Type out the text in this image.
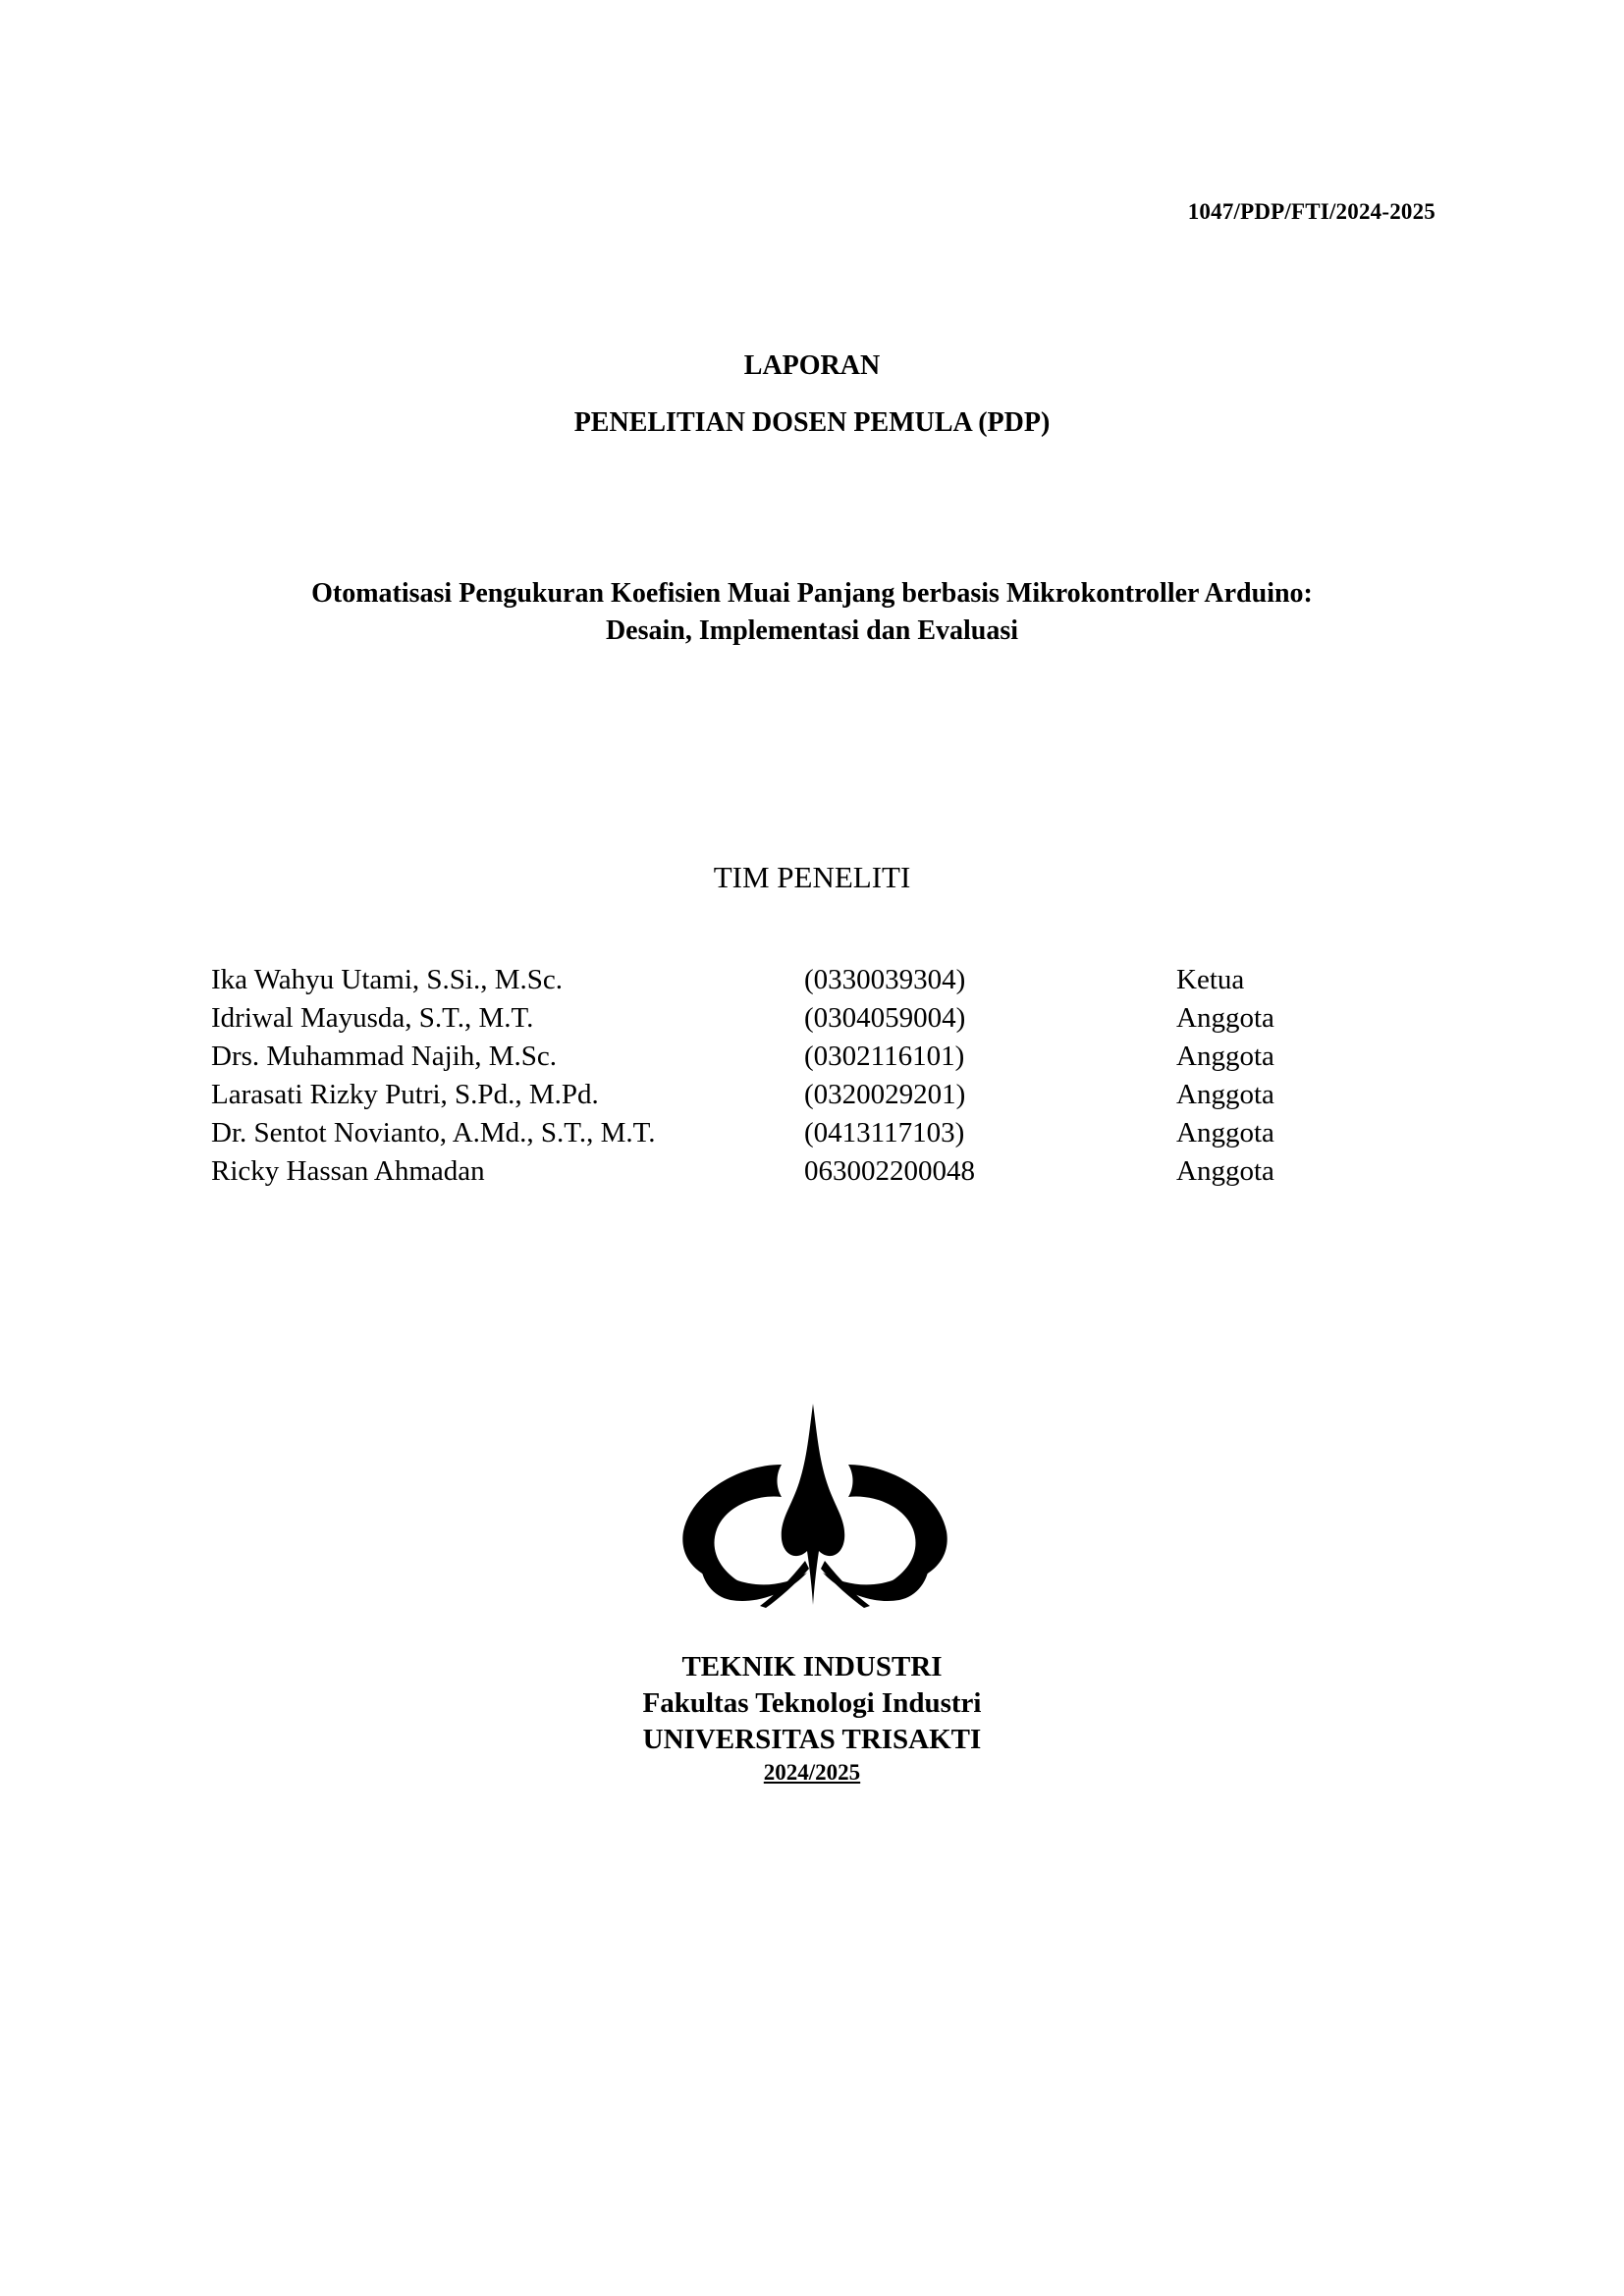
1047/PDP/FTI/2024-2025
LAPORAN
PENELITIAN DOSEN PEMULA (PDP)
Otomatisasi Pengukuran Koefisien Muai Panjang berbasis Mikrokontroller Arduino:
Desain, Implementasi dan Evaluasi
TIM PENELITI
Ika Wahyu Utami, S.Si., M.Sc.	(0330039304)	Ketua
Idriwal Mayusda, S.T., M.T.	(0304059004)	Anggota
Drs. Muhammad Najih, M.Sc.	(0302116101)	Anggota
Larasati Rizky Putri, S.Pd., M.Pd.	(0320029201)	Anggota
Dr. Sentot Novianto, A.Md., S.T., M.T.	(0413117103)	Anggota
Ricky Hassan Ahmadan	063002200048	Anggota
TEKNIK INDUSTRI
Fakultas Teknologi Industri
UNIVERSITAS TRISAKTI
2024/2025
